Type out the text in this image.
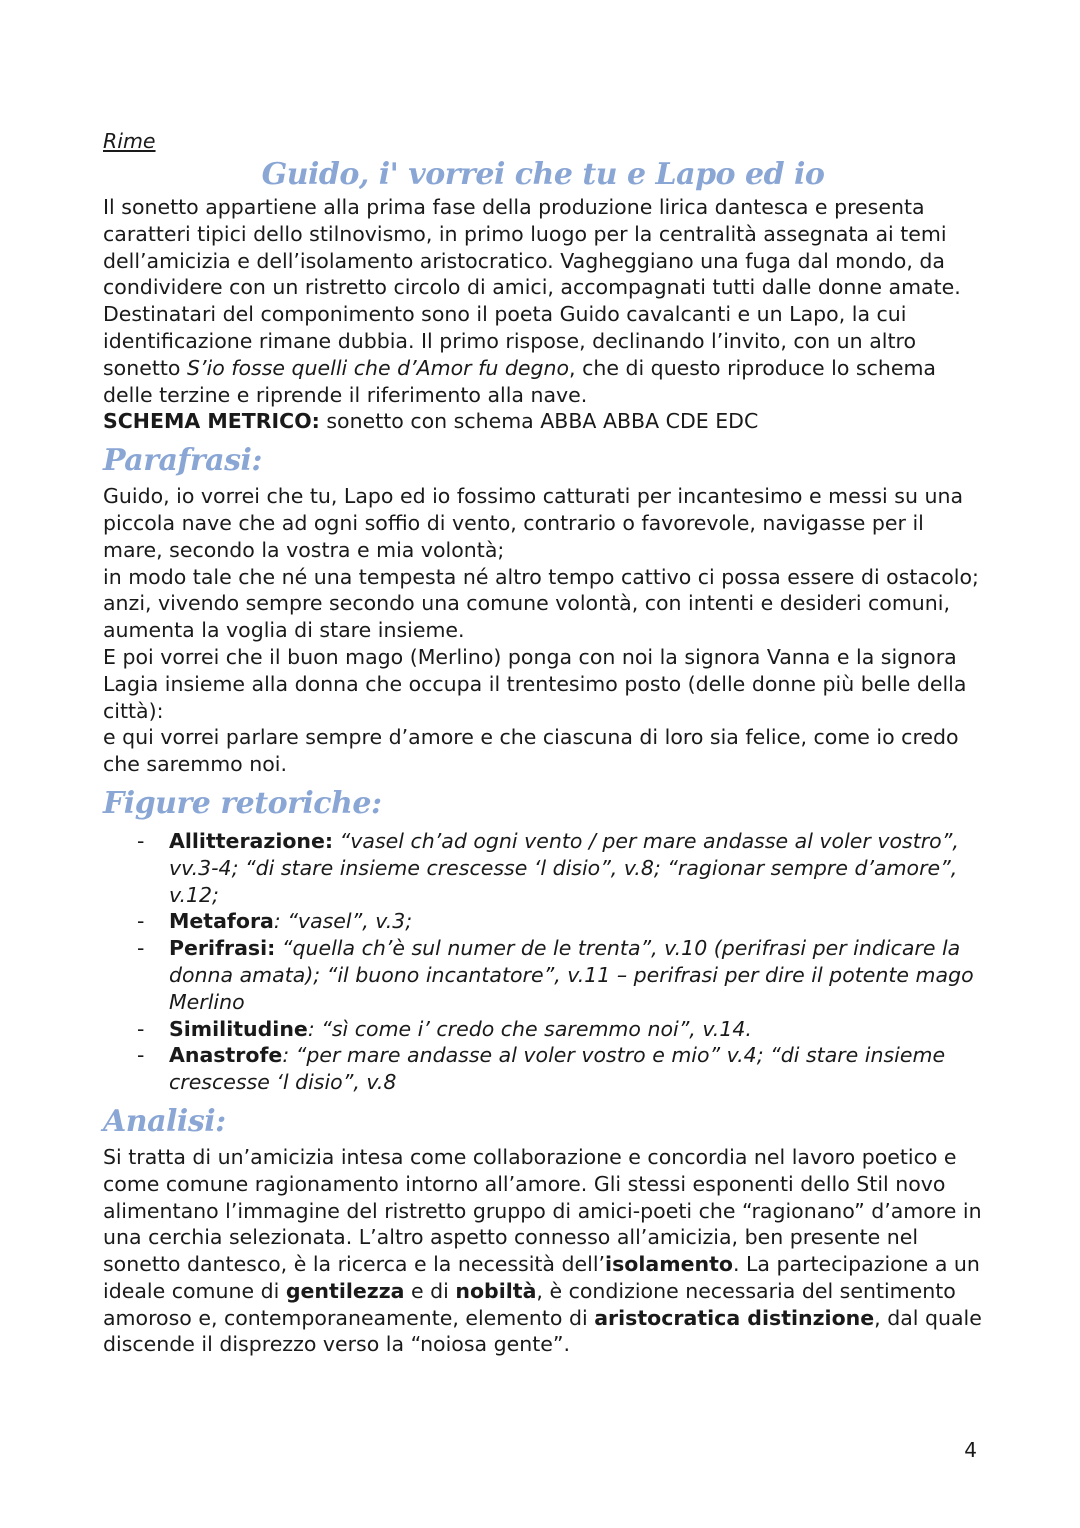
Rime

Guido, i' vorrei che tu e Lapo ed io

Il sonetto appartiene alla prima fase della produzione lirica dantesca e presenta caratteri tipici dello stilnovismo, in primo luogo per la centralità assegnata ai temi dell’amicizia e dell’isolamento aristocratico. Vagheggiano una fuga dal mondo, da condividere con un ristretto circolo di amici, accompagnati tutti dalle donne amate.

Destinatari del componimento sono il poeta Guido cavalcanti e un Lapo, la cui identificazione rimane dubbia. Il primo rispose, declinando l’invito, con un altro sonetto S’io fosse quelli che d’Amor fu degno, che di questo riproduce lo schema delle terzine e riprende il riferimento alla nave.

SCHEMA METRICO: sonetto con schema ABBA ABBA CDE EDC

Parafrasi:

Guido, io vorrei che tu, Lapo ed io fossimo catturati per incantesimo e messi su una piccola nave che ad ogni soffio di vento, contrario o favorevole, navigasse per il mare, secondo la vostra e mia volontà;

in modo tale che né una tempesta né altro tempo cattivo ci possa essere di ostacolo; anzi, vivendo sempre secondo una comune volontà, con intenti e desideri comuni, aumenta la voglia di stare insieme.

E poi vorrei che il buon mago (Merlino) ponga con noi la signora Vanna e la signora Lagia insieme alla donna che occupa il trentesimo posto (delle donne più belle della città):

e qui vorrei parlare sempre d’amore e che ciascuna di loro sia felice, come io credo che saremmo noi.

Figure retoriche:
- Allitterazione: “vasel ch’ad ogni vento / per mare andasse al voler vostro”, vv.3-4; “di stare insieme crescesse ‘l disio”, v.8; “ragionar sempre d’amore”, v.12;
- Metafora: “vasel”, v.3;
- Perifrasi: “quella ch’è sul numer de le trenta”, v.10 (perifrasi per indicare la donna amata); “il buono incantatore”, v.11 – perifrasi per dire il potente mago Merlino
- Similitudine: “sì come i’ credo che saremmo noi”, v.14.
- Anastrofe: “per mare andasse al voler vostro e mio” v.4; “di stare insieme crescesse ‘l disio”, v.8
Analisi:

Si tratta di un’amicizia intesa come collaborazione e concordia nel lavoro poetico e come comune ragionamento intorno all’amore. Gli stessi esponenti dello Stil novo alimentano l’immagine del ristretto gruppo di amici-poeti che “ragionano” d’amore in una cerchia selezionata. L’altro aspetto connesso all’amicizia, ben presente nel sonetto dantesco, è la ricerca e la necessità dell’isolamento. La partecipazione a un ideale comune di gentilezza e di nobiltà, è condizione necessaria del sentimento amoroso e, contemporaneamente, elemento di aristocratica distinzione, dal quale discende il disprezzo verso la “noiosa gente”.

4
